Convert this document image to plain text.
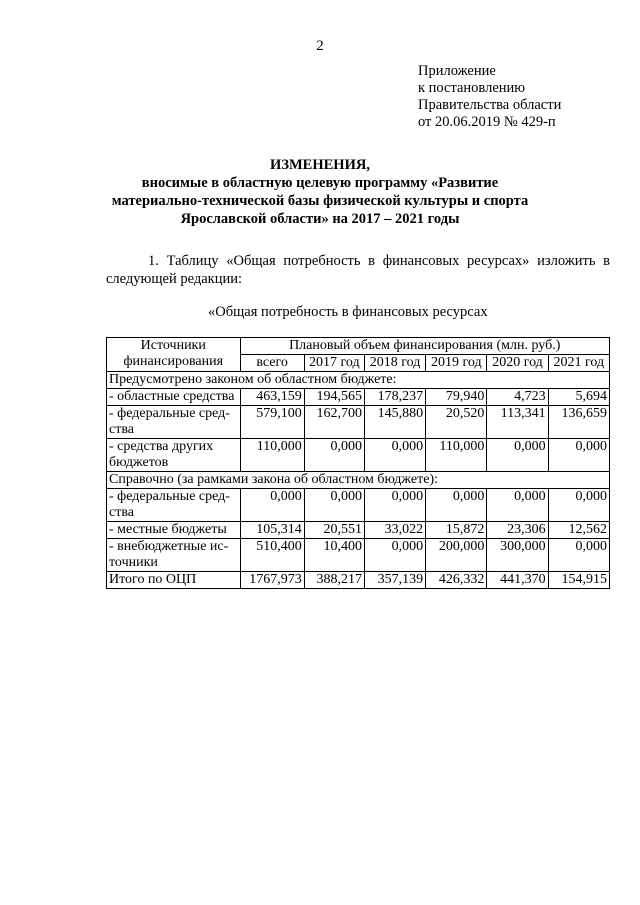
2
Приложение
к постановлению
Правительства области
от 20.06.2019 № 429-п
ИЗМЕНЕНИЯ,
вносимые в областную целевую программу «Развитие
материально-технической базы физической культуры и спорта
Ярославской области» на 2017 – 2021 годы
1. Таблицу «Общая потребность в финансовых ресурсах» изложить в следующей редакции:
«Общая потребность в финансовых ресурсах
Источники финансирования	Плановый объем финансирования (млн. руб.)					
	всего	2017 год	2018 год	2019 год	2020 год	2021 год
Предусмотрено законом об областном бюджете:						
- областные средства	463,159	194,565	178,237	79,940	4,723	5,694
- федеральные средства	579,100	162,700	145,880	20,520	113,341	136,659
- средства других бюджетов	110,000	0,000	0,000	110,000	0,000	0,000
Справочно (за рамками закона об областном бюджете):						
- федеральные средства	0,000	0,000	0,000	0,000	0,000	0,000
- местные бюджеты	105,314	20,551	33,022	15,872	23,306	12,562
- внебюджетные источники	510,400	10,400	0,000	200,000	300,000	0,000
Итого по ОЦП	1767,973	388,217	357,139	426,332	441,370	154,915
